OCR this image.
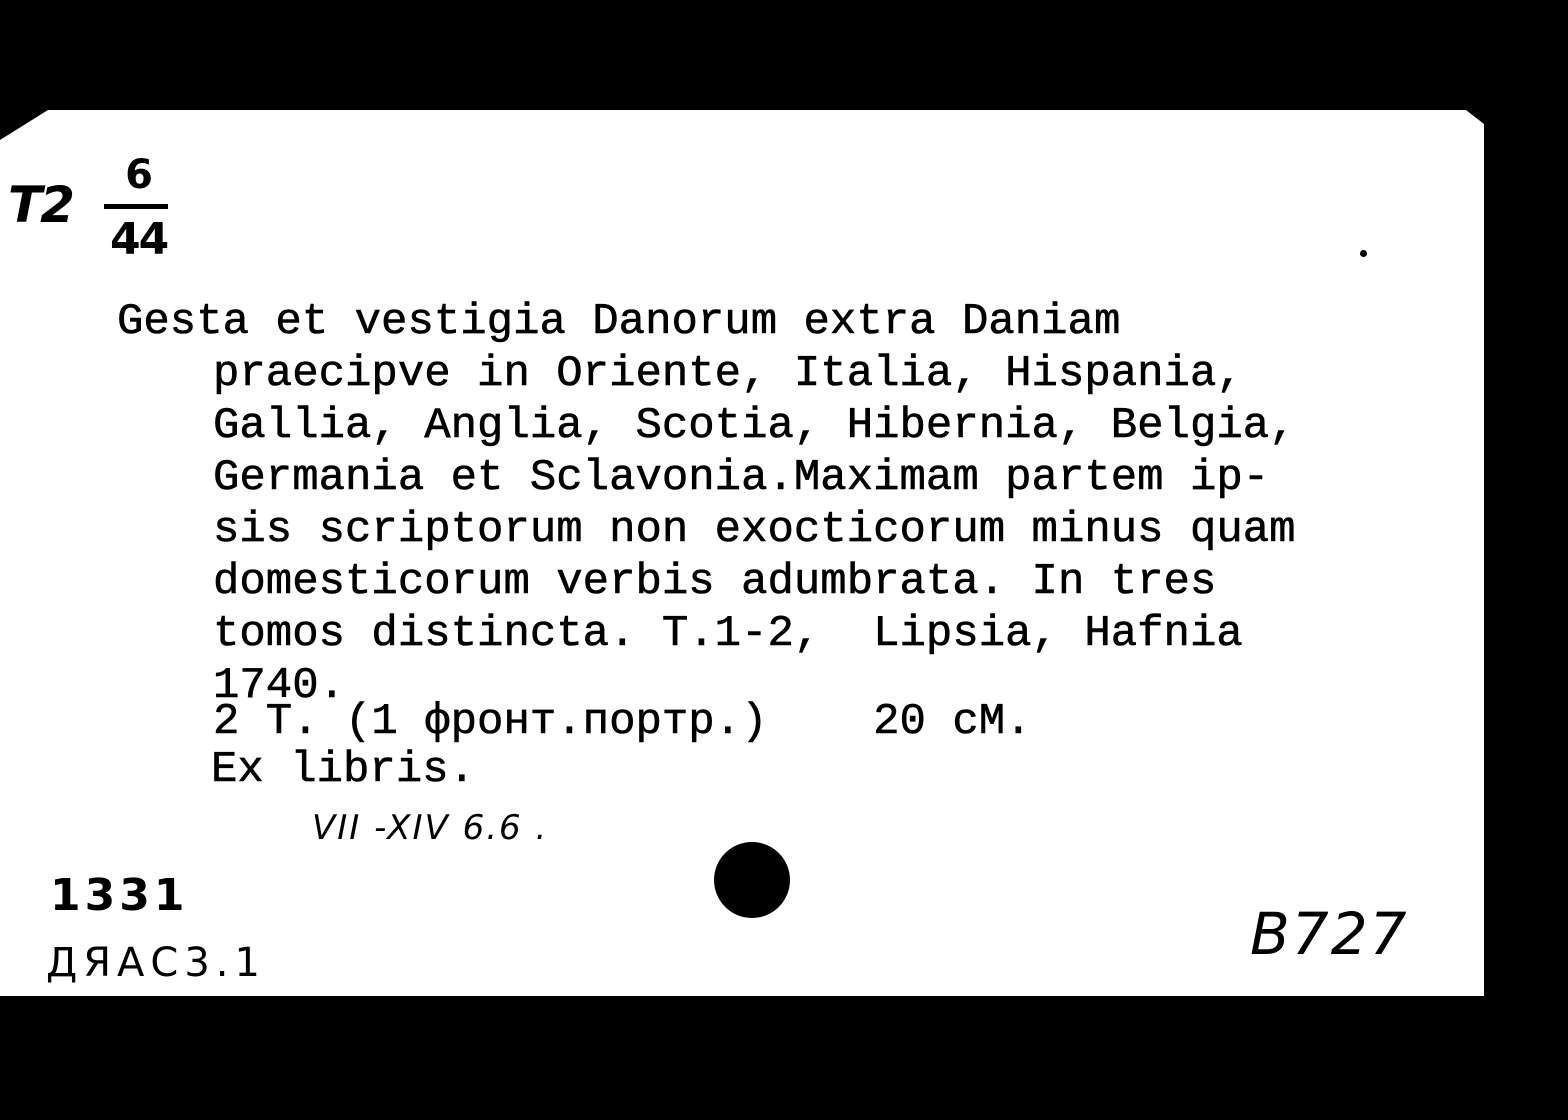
T2
6
44
Gesta et vestigia Danorum extra Daniam
praecipve in Oriente, Italia, Hispania,
Gallia, Anglia, Scotia, Hibernia, Belgia,
Germania et Sclavonia.Maximam partem ip-
sis scriptorum non exocticorum minus quam
domesticorum verbis adumbrata. In tres
tomos distincta. T.1-2,  Lipsia, Hafnia
1740.
2 T. (1 фронт.портр.)    20 cM.
Ex libris.
VII -XIV 6.6 .
1331
ДЯАС3.1	B727
